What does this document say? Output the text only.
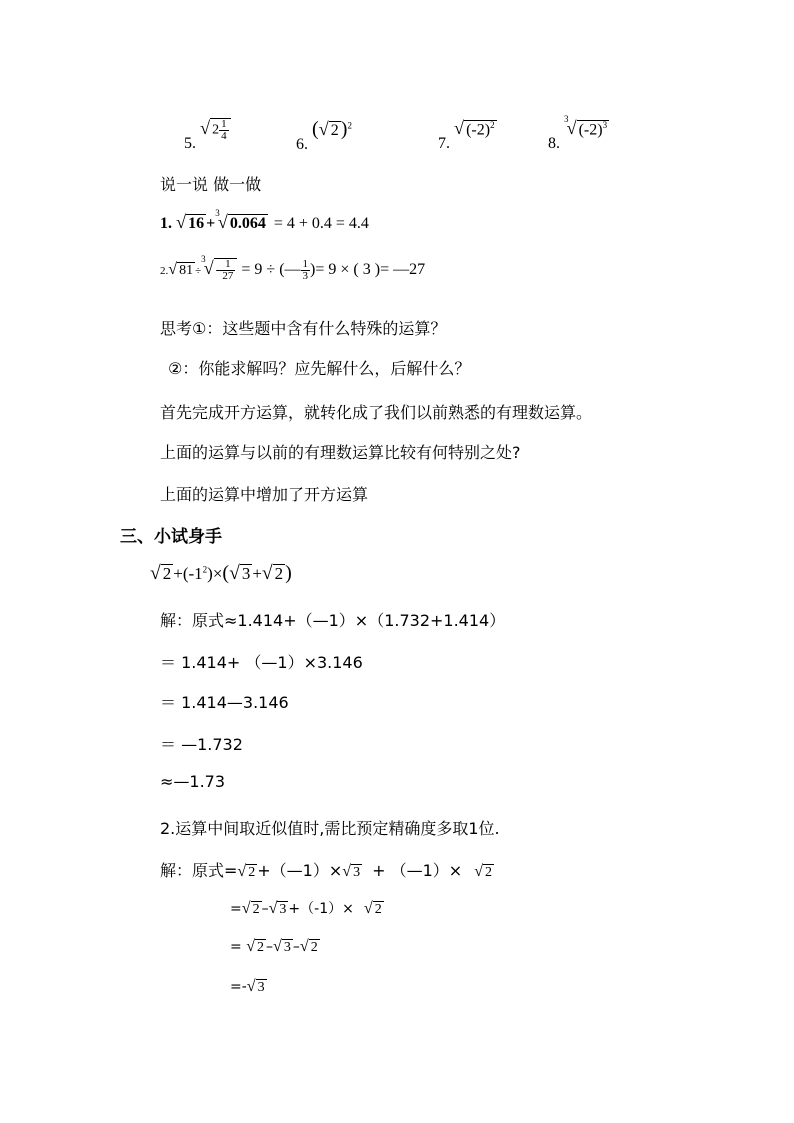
5. √ $2 \frac{1}{4}$
6. (√ 2 )$^2$
7. √ $(-2)^2$
8. $^3$√ $(-2)^3$
说一说 做一做
1. √ 16 +$^3$√ 0.064 = 4 + 0.4 = 4.4
2.√ $81 \div^3√ - \frac{1}{27} = 9$ ÷ (— $\frac{1}{3}$ )= 9 × ( 3 )= —27
思考①：这些题中含有什么特殊的运算？
②：你能求解吗？应先解什么，后解什么？
首先完成开方运算，就转化成了我们以前熟悉的有理数运算。
上面的运算与以前的有理数运算比较有何特别之处?
上面的运算中增加了开方运算
三、小试身手
√ $2 +(-1^2)\times(√$ 3 +√ 2 )
解：原式≈1.414+（—1）×（1.732+1.414）
＝ 1.414+ （—1）×3.146
＝ 1.414—3.146
＝ —1.732
≈—1.73
2.运算中间取近似值时,需比预定精确度多取1位.
解：原式=√ 2 +（—1）×√ 3 + （—1）× √ 2
=√ 2 –√ 3 +（-1）× √ 2
= √ 2 –√ 3 –√ 2
=-√ 3
